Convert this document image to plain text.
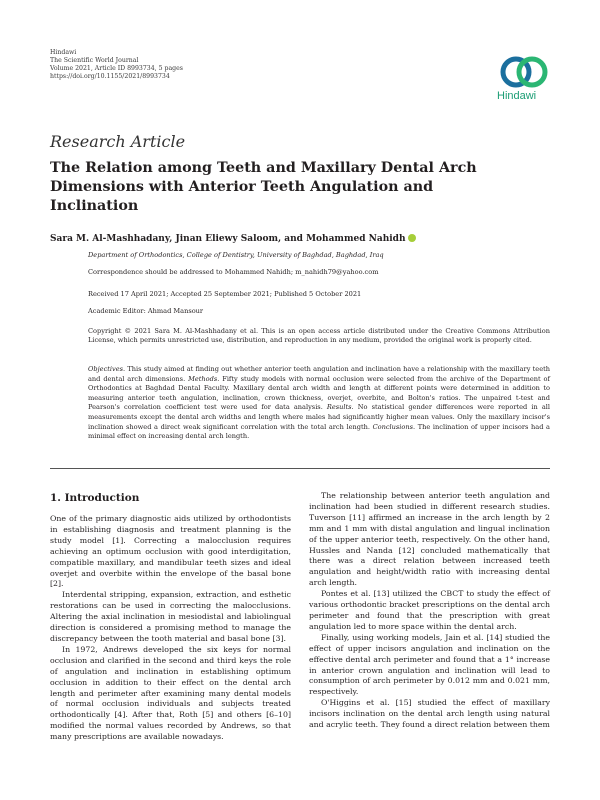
Hindawi
The Scientific World Journal
Volume 2021, Article ID 8993734, 5 pages
https://doi.org/10.1155/2021/8993734
Hindawi
Research Article
The Relation among Teeth and Maxillary Dental Arch Dimensions with Anterior Teeth Angulation and Inclination
Sara M. Al-Mashhadany, Jinan Eliewy Saloom, and Mohammed Nahidh
Department of Orthodontics, College of Dentistry, University of Baghdad, Baghdad, Iraq
Correspondence should be addressed to Mohammed Nahidh; m_nahidh79@yahoo.com
Received 17 April 2021; Accepted 25 September 2021; Published 5 October 2021
Academic Editor: Ahmad Mansour
Copyright © 2021 Sara M. Al-Mashhadany et al. This is an open access article distributed under the Creative Commons Attribution License, which permits unrestricted use, distribution, and reproduction in any medium, provided the original work is properly cited.
Objectives. This study aimed at finding out whether anterior teeth angulation and inclination have a relationship with the maxillary teeth and dental arch dimensions. Methods. Fifty study models with normal occlusion were selected from the archive of the Department of Orthodontics at Baghdad Dental Faculty. Maxillary dental arch width and length at different points were determined in addition to measuring anterior teeth angulation, inclination, crown thickness, overjet, overbite, and Bolton's ratios. The unpaired t-test and Pearson's correlation coefficient test were used for data analysis. Results. No statistical gender differences were reported in all measurements except the dental arch widths and length where males had significantly higher mean values. Only the maxillary incisor's inclination showed a direct weak significant correlation with the total arch length. Conclusions. The inclination of upper incisors had a minimal effect on increasing dental arch length.
1. Introduction

One of the primary diagnostic aids utilized by orthodontists in establishing diagnosis and treatment planning is the study model [1]. Correcting a malocclusion requires achieving an optimum occlusion with good interdigitation, compatible maxillary, and mandibular teeth sizes and ideal overjet and overbite within the envelope of the basal bone [2].

Interdental stripping, expansion, extraction, and esthetic restorations can be used in correcting the malocclusions. Altering the axial inclination in mesiodistal and labiolingual direction is considered a promising method to manage the discrepancy between the tooth material and basal bone [3].

In 1972, Andrews developed the six keys for normal occlusion and clarified in the second and third keys the role of angulation and inclination in establishing optimum occlusion in addition to their effect on the dental arch length and perimeter after examining many dental models of normal occlusion individuals and subjects treated orthodontically [4]. After that, Roth [5] and others [6–10] modified the normal values recorded by Andrews, so that many prescriptions are available nowadays.

The relationship between anterior teeth angulation and inclination had been studied in different research studies. Tuverson [11] affirmed an increase in the arch length by 2 mm and 1 mm with distal angulation and lingual inclination of the upper anterior teeth, respectively. On the other hand, Hussles and Nanda [12] concluded mathematically that there was a direct relation between increased teeth angulation and height/width ratio with increasing dental arch length.

Pontes et al. [13] utilized the CBCT to study the effect of various orthodontic bracket prescriptions on the dental arch perimeter and found that the prescription with great angulation led to more space within the dental arch.

Finally, using working models, Jain et al. [14] studied the effect of upper incisors angulation and inclination on the effective dental arch perimeter and found that a 1° increase in anterior crown angulation and inclination will lead to consumption of arch perimeter by 0.012 mm and 0.021 mm, respectively.

O'Higgins et al. [15] studied the effect of maxillary incisors inclination on the dental arch length using natural and acrylic teeth. They found a direct relation between them
